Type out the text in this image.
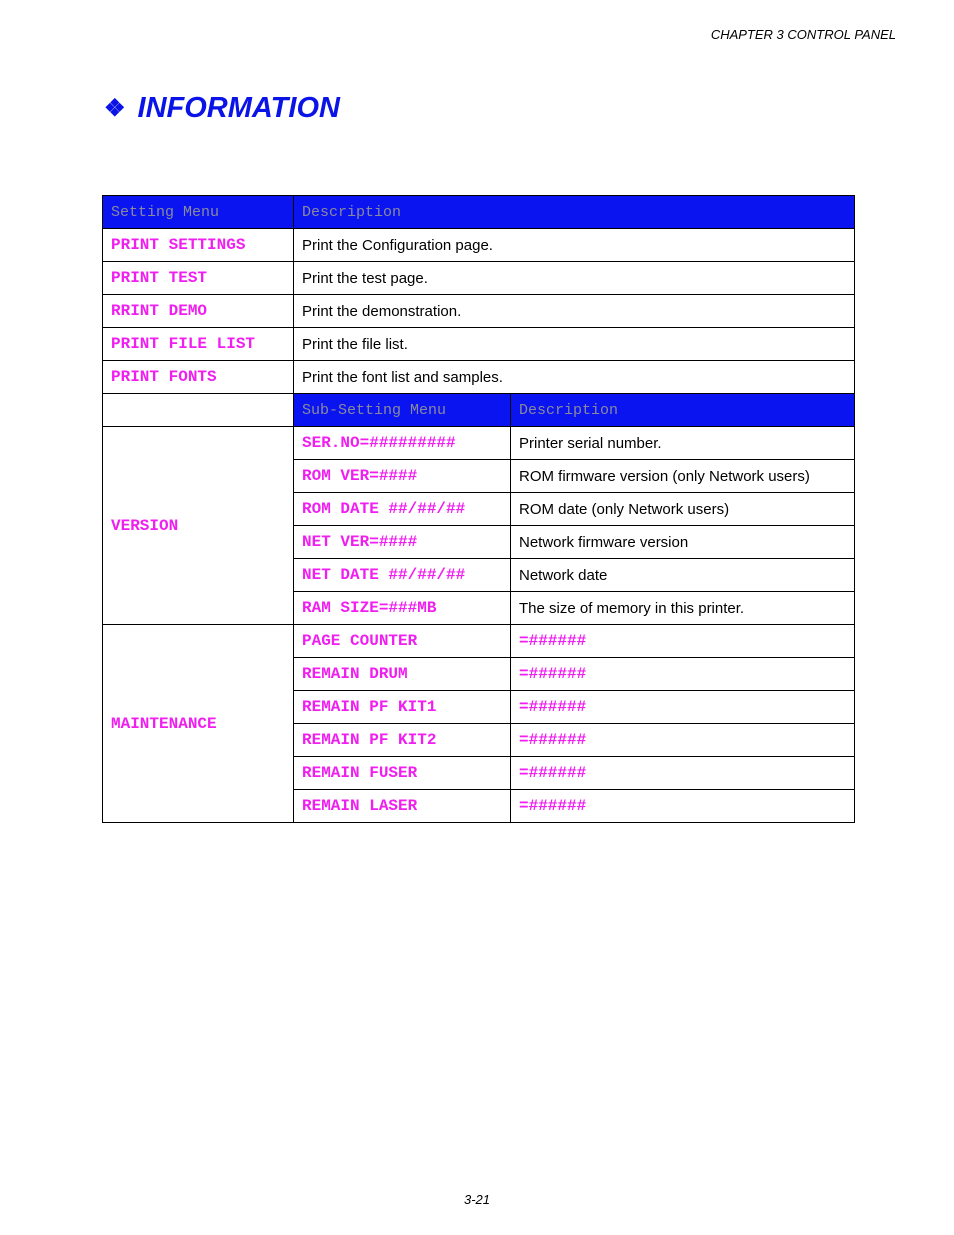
CHAPTER 3 CONTROL PANEL
❖ INFORMATION
Setting Menu	Description	
PRINT SETTINGS	Print the Configuration page.	
PRINT TEST	Print the test page.	
RRINT DEMO	Print the demonstration.	
PRINT FILE LIST	Print the file list.	
PRINT FONTS	Print the font list and samples.	
	Sub-Setting Menu	Description
VERSION	SER.NO=#########	Printer serial number.
	ROM VER=####	ROM firmware version (only Network users)
	ROM DATE ##/##/##	ROM date (only Network users)
	NET VER=####	Network firmware version
	NET DATE ##/##/##	Network date
	RAM SIZE=###MB	The size of memory in this printer.
MAINTENANCE	PAGE COUNTER	=######
	REMAIN DRUM	=######
	REMAIN PF KIT1	=######
	REMAIN PF KIT2	=######
	REMAIN FUSER	=######
	REMAIN LASER	=######
3-21
